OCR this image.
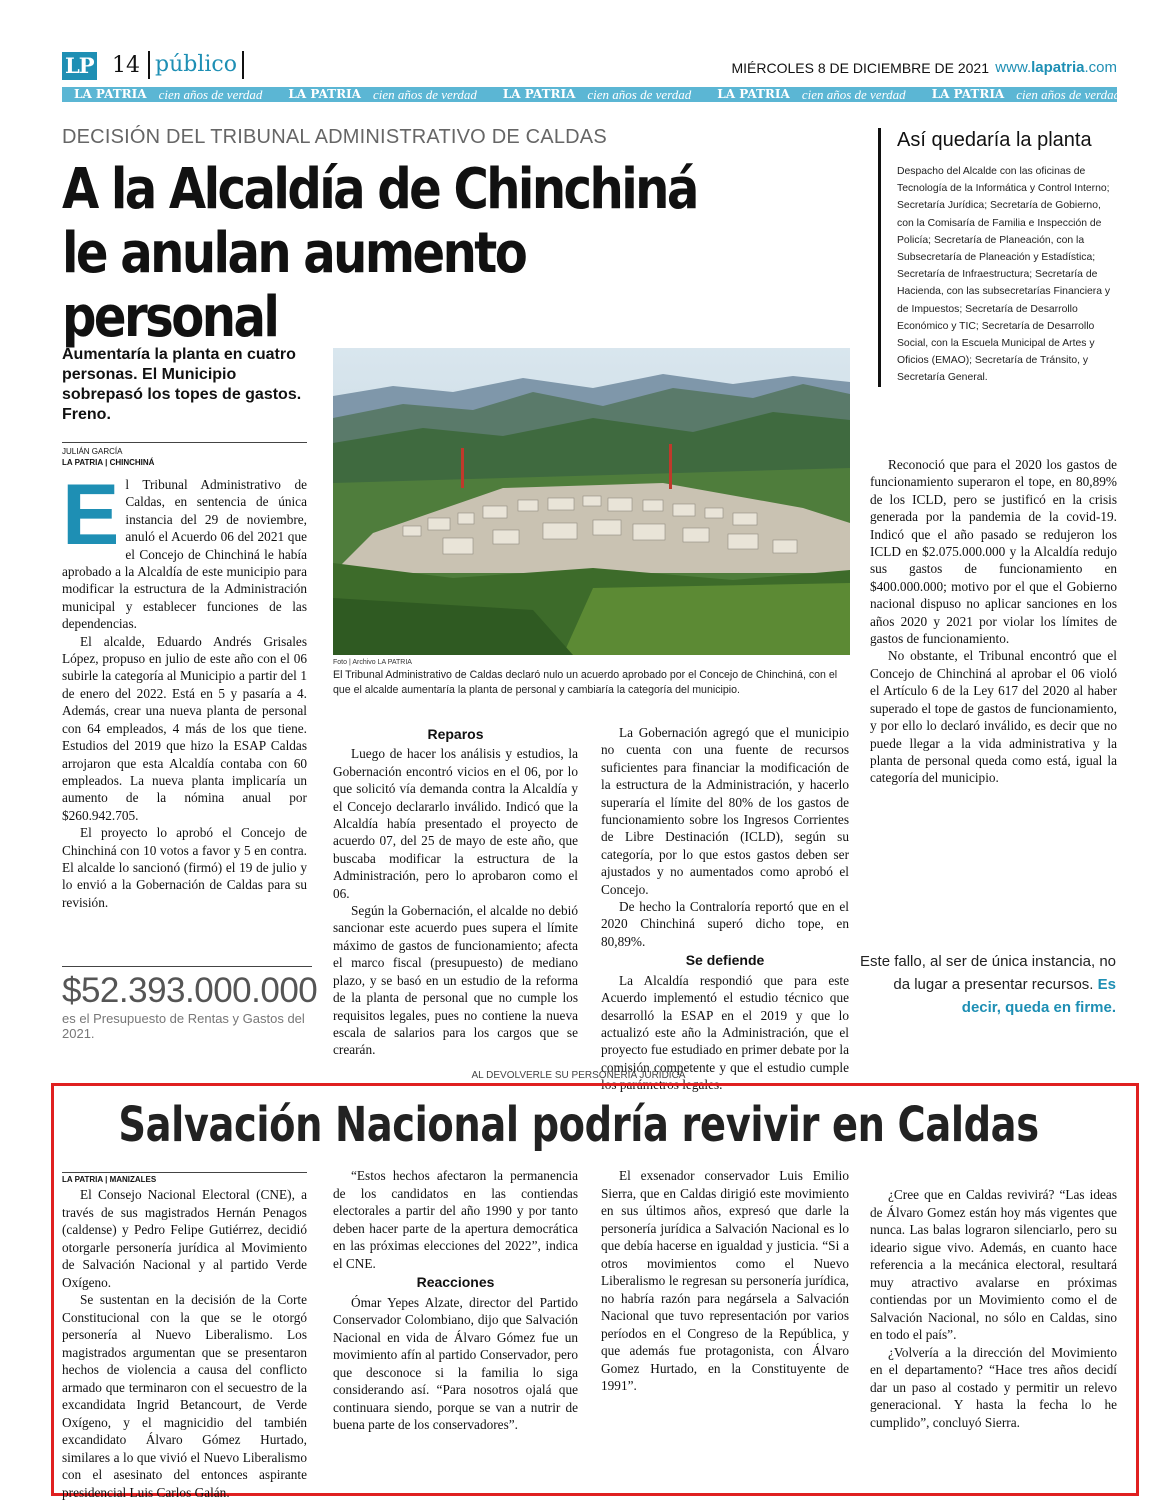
LP 14 público	MIÉRCOLES 8 DE DICIEMBRE DE 2021 www.lapatria.com
LA PATRIA cien años de verdad LA PATRIA cien años de verdad LA PATRIA cien años de verdad LA PATRIA cien años de verdad LA PATRIA cien años de verdad
DECISIÓN DEL TRIBUNAL ADMINISTRATIVO DE CALDAS
A la Alcaldía de Chinchiná
le anulan aumento personal
Aumentaría la planta en cuatro personas. El Municipio sobrepasó los topes de gastos. Freno.
JULIÁN GARCÍA
LA PATRIA | CHINCHINÁ

El Tribunal Administrativo de Caldas, en sentencia de única instancia del 29 de noviembre, anuló el Acuerdo 06 del 2021 que el Concejo de Chinchiná le había aprobado a la Alcaldía de este municipio para modificar la estructura de la Administración municipal y establecer funciones de las dependencias.

El alcalde, Eduardo Andrés Grisales López, propuso en julio de este año con el 06 subirle la categoría al Municipio a partir del 1 de enero del 2022. Está en 5 y pasaría a 4. Además, crear una nueva planta de personal con 64 empleados, 4 más de los que tiene. Estudios del 2019 que hizo la ESAP Caldas arrojaron que esta Alcaldía contaba con 60 empleados. La nueva planta implicaría un aumento de la nómina anual por $260.942.705.

El proyecto lo aprobó el Concejo de Chinchiná con 10 votos a favor y 5 en contra. El alcalde lo sancionó (firmó) el 19 de julio y lo envió a la Gobernación de Caldas para su revisión.

$52.393.000.000
es el Presupuesto de Rentas y Gastos del 2021.
Foto | Archivo LA PATRIA
El Tribunal Administrativo de Caldas declaró nulo un acuerdo aprobado por el Concejo de Chinchiná, con el que el alcalde aumentaría la planta de personal y cambiaría la categoría del municipio.
Reparos

Luego de hacer los análisis y estudios, la Gobernación encontró vicios en el 06, por lo que solicitó vía demanda contra la Alcaldía y el Concejo declararlo inválido. Indicó que la Alcaldía había presentado el proyecto de acuerdo 07, del 25 de mayo de este año, que buscaba modificar la estructura de la Administración, pero lo aprobaron como el 06.

Según la Gobernación, el alcalde no debió sancionar este acuerdo pues supera el límite máximo de gastos de funcionamiento; afecta el marco fiscal (presupuesto) de mediano plazo, y se basó en un estudio de la reforma de la planta de personal que no cumple los requisitos legales, pues no contiene la nueva escala de salarios para los cargos que se crearán.

La Gobernación agregó que el municipio no cuenta con una fuente de recursos suficientes para financiar la modificación de la estructura de la Administración, y hacerlo superaría el límite del 80% de los gastos de funcionamiento sobre los Ingresos Corrientes de Libre Destinación (ICLD), según su categoría, por lo que estos gastos deben ser ajustados y no aumentados como aprobó el Concejo.

De hecho la Contraloría reportó que en el 2020 Chinchiná superó dicho tope, en 80,89%.

Se defiende

La Alcaldía respondió que para este Acuerdo implementó el estudio técnico que desarrolló la ESAP en el 2019 y que lo actualizó este año la Administración, que el proyecto fue estudiado en primer debate por la comisión competente y que el estudio cumple los parámetros legales.

Así quedaría la planta

Despacho del Alcalde con las oficinas de Tecnología de la Informática y Control Interno; Secretaría Jurídica; Secretaría de Gobierno, con la Comisaría de Familia e Inspección de Policía; Secretaría de Planeación, con la Subsecretaría de Planeación y Estadística; Secretaría de Infraestructura; Secretaría de Hacienda, con las subsecretarías Financiera y de Impuestos; Secretaría de Desarrollo Económico y TIC; Secretaría de Desarrollo Social, con la Escuela Municipal de Artes y Oficios (EMAO); Secretaría de Tránsito, y Secretaría General.

Reconoció que para el 2020 los gastos de funcionamiento superaron el tope, en 80,89% de los ICLD, pero se justificó en la crisis generada por la pandemia de la covid-19. Indicó que el año pasado se redujeron los ICLD en $2.075.000.000 y la Alcaldía redujo sus gastos de funcionamiento en $400.000.000; motivo por el que el Gobierno nacional dispuso no aplicar sanciones en los años 2020 y 2021 por violar los límites de gastos de funcionamiento.

No obstante, el Tribunal encontró que el Concejo de Chinchiná al aprobar el 06 violó el Artículo 6 de la Ley 617 del 2020 al haber superado el tope de gastos de funcionamiento, y por ello lo declaró inválido, es decir que no puede llegar a la vida administrativa y la planta de personal queda como está, igual la categoría del municipio.

Este fallo, al ser de única instancia, no da lugar a presentar recursos. Es decir, queda en firme.
AL DEVOLVERLE SU PERSONERÍA JURÍDICA
Salvación Nacional podría revivir en Caldas
LA PATRIA | MANIZALES

El Consejo Nacional Electoral (CNE), a través de sus magistrados Hernán Penagos (caldense) y Pedro Felipe Gutiérrez, decidió otorgarle personería jurídica al Movimiento de Salvación Nacional y al partido Verde Oxígeno.

Se sustentan en la decisión de la Corte Constitucional con la que se le otorgó personería al Nuevo Liberalismo. Los magistrados argumentan que se presentaron hechos de violencia a causa del conflicto armado que terminaron con el secuestro de la excandidata Ingrid Betancourt, de Verde Oxígeno, y el magnicidio del también excandidato Álvaro Gómez Hurtado, similares a lo que vivió el Nuevo Liberalismo con el asesinato del entonces aspirante presidencial Luis Carlos Galán.

“Estos hechos afectaron la permanencia de los candidatos en las contiendas electorales a partir del año 1990 y por tanto deben hacer parte de la apertura democrática en las próximas elecciones del 2022”, indica el CNE.

Reacciones

Ómar Yepes Alzate, director del Partido Conservador Colombiano, dijo que Salvación Nacional en vida de Álvaro Gómez fue un movimiento afín al partido Conservador, pero que desconoce si la familia lo siga considerando así. “Para nosotros ojalá que continuara siendo, porque se van a nutrir de buena parte de los conservadores”.

El exsenador conservador Luis Emilio Sierra, que en Caldas dirigió este movimiento en sus últimos años, expresó que darle la personería jurídica a Salvación Nacional es lo que debía hacerse en igualdad y justicia. “Si a otros movimientos como el Nuevo Liberalismo le regresan su personería jurídica, no habría razón para negársela a Salvación Nacional que tuvo representación por varios períodos en el Congreso de la República, y que además fue protagonista, con Álvaro Gomez Hurtado, en la Constituyente de 1991”.

¿Cree que en Caldas revivirá? “Las ideas de Álvaro Gomez están hoy más vigentes que nunca. Las balas lograron silenciarlo, pero su ideario sigue vivo. Además, en cuanto hace referencia a la mecánica electoral, resultará muy atractivo avalarse en próximas contiendas por un Movimiento como el de Salvación Nacional, no sólo en Caldas, sino en todo el país”.

¿Volvería a la dirección del Movimiento en el departamento? “Hace tres años decidí dar un paso al costado y permitir un relevo generacional. Y hasta la fecha lo he cumplido”, concluyó Sierra.
